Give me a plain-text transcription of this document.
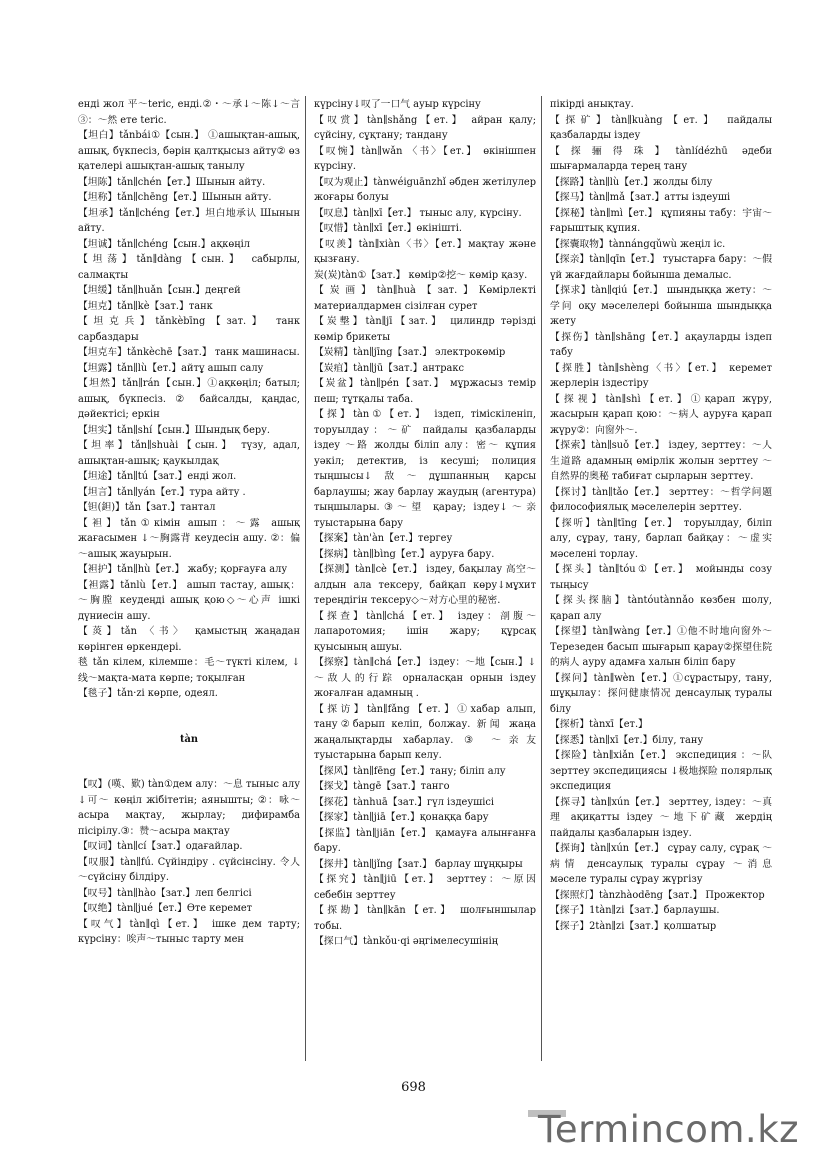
енді жол 平～teric, енді.②・～承↓～陈↓～言③：～然 ете teric.

【坦白】tǎnbái①【сын.】 ①ашықтан-ашық, ашық, бүкпесіз, бәрін қалтқысыз айту② өз қателері ашықтан-ашық танылу

【坦陈】tǎn∥chén【ет.】Шынын айту.

【坦称】tǎn∥chēng【ет.】Шынын айту.

【坦承】tǎn∥chéng【ет.】坦白地承认 Шынын айту.

【坦诚】tǎn∥chéng【сын.】ақкөңіл

【坦荡】tǎn∥dàng【сын.】 сабырлы, салмақты

【坦缓】tǎn∥huǎn【сын.】деңгей

【坦克】tǎn∥kè【зат.】танк

【坦克兵】tǎnkèbīng【зат.】 танк сарбаздары

【坦克车】tǎnkèchē【зат.】 танк машинасы.

【坦露】tǎn∥lù【ет.】айтұ ашып салу

【坦然】tǎn∥rán【сын.】①ақкөңіл; батыл; ашық, бүкпесіз. ② байсалды, қаңдас, дәйектісі; еркін

【坦实】tǎn∥shí【сын.】Шындық беру.

【坦率】tǎn∥shuài【сын.】 түзу, адал, ашықтан-ашық; қаукылдақ

【坦途】tǎn∥tú【зат.】енді жол.

【坦言】tǎn∥yán【ет.】тура айту .

【钽(鉭)】tǎn【зат.】тантал

【袒】tǎn①кімін ашып：～露 ашық жағасымен ↓～胸露背 кеудесін ашу. ②：偏～ашық жауырын.

【袒护】tǎn∥hù【ет.】 жабу; қорғауға алу

【袒露】tǎnlù【ет.】 ашып тастау, ашық：～胸膛 кеудеңді ашық қою◇～心声 ішкі дүниесін ашу.

【菼】tǎn 〈书〉 қамыстың жаңадан көрінген өркендері.

毯 tǎn кілем, кілемше：毛～түкті кілем, ↓线～мақта-мата көрпе; тоқылған

【毯子】tǎn·zi көрпе, одеял.

tàn

【叹】(嘆、歎) tàn①дем алу：～息 тыныс алу ↓可～ көңіл жібітетін; аянышты; ②：咏～асыра мақтау, жырлау; дифирамба пісірілу.③：赞～асыра мақтау

【叹词】tàn∥cí【зат.】одағайлар.

【叹服】tàn∥fú. Сүйіндіру . сүйсінсіну. 令人～сүйсіну білдіру.

【叹号】tàn∥hào【зат.】леп белгісі

【叹绝】tàn∥jué【ет.】Өте керемет

【叹气】tàn∥qì【ет.】 ішке дем тарту; күрсіну：唉声～тыныс тарту мен

күрсіну↓叹了一口气 ауыр күрсіну

【叹赏】tàn∥shǎng【ет.】 айран қалу; сүйсіну, сұқтану; тандану

【叹惋】tàn∥wǎn 〈书〉【ет.】 өкінішпен күрсіну.

【叹为观止】tànwéiguānzhǐ әбден жетілулер жоғары болуы

【叹息】tàn∥xī【ет.】 тыныс алу, күрсіну.

【叹惜】tàn∥xī【ет.】өкінішті.

【叹羡】tàn∥xiàn〈书〉【ет.】мақтау және қызғану.

炭(炭)tàn①【зат.】 көмір②挖～ көмір қазу.

【炭画】tàn∥huà【зат.】Көмірлекті материалдармен сізілған сурет

【炭墼】tàn∥jī【зат.】 цилиндр тәрізді көмір брикеты

【炭精】tàn∥jīng【зат.】 электрокөмір

【炭疽】tàn∥jū【зат.】антракс

【炭盆】tàn∥pén【зат.】 мұржасыз темір пеш; тұтқалы таба.

【探】tàn①【ет.】 іздеп, тіміскіленіп, торуылдау：～矿 пайдалы қазбаларды іздеу ～路 жолды біліп алу：密～ құпия уәкіл; детектив, із кесуші; полиция тыңшысы↓敌～дұшпанның қарсы барлаушы; жау барлау жаудың (агентура) тыңшылары.③～望 қарау; іздеу↓～亲 туыстарына бару

【探案】tàn'àn【ет.】тергеу

【探病】tàn∥bìng【ет.】ауруға бару.

【探测】tàn∥cè【ет.】 іздеу, бақылау 高空～алдын ала тексеру, байқап көру↓мұхит тереңдігін тексеру◇～对方心里的秘密.

【探查】tàn∥chá【ет.】 іздеу：剖腹～ лапаротомия; ішін жару; құрсақ қуысының ашуы.

【探察】tàn∥chá【ет.】 іздеу：～地【сын.】↓～敌人的行踪 орналасқан орнын іздеу жоғалған адамның .

【探访】tàn∥fǎng【ет.】①хабар алып, тану②барып келіп, болжау. 新闻 жаңа жаңалықтарды хабарлау. ③ ～亲友 туыстарына барып келу.

【探风】tàn∥fēng【ет.】тану; біліп алу

【探戈】tàngē【зат.】танго

【探花】tànhuā【зат.】гүл іздеушісі

【探家】tàn∥jiā【ет.】қонаққа бару

【探监】tàn∥jiān【ет.】 қамауға алынғанға бару.

【探井】tàn∥jǐng【зат.】 барлау шұңқыры

【探究】tàn∥jiū【ет.】 зерттеу：～原因 себебін зерттеу

【探勘】tàn∥kān【ет.】 шолғыншылар тобы.

【探口气】tànkǒu·qi әңгімелесушінің

пікірді анықтау.

【探矿】tàn∥kuàng【ет.】 пайдалы қазбаларды іздеу

【探骊得珠】tànlídézhū әдеби шығармаларда терең тану

【探路】tàn∥lù【ет.】жолды білу

【探马】tàn∥mǎ【зат.】атты іздеуші

【探秘】tàn∥mì【ет.】 құпияны табу：宇宙～ғарыштық құпия.

【探囊取物】tànnángqǔwù жеңіл іс.

【探亲】tàn∥qīn【ет.】 туыстарға бару：～假 үй жағдайлары бойынша демалыс.

【探求】tàn∥qiú【ет.】 шындыққа жету：～学问 оқу мәселелері бойынша шындыққа жету

【探伤】tàn∥shāng【ет.】ақауларды іздеп табу

【探胜】tàn∥shèng〈书〉【ет.】 керемет жерлерін іздестіру

【探视】tàn∥shì【ет.】①қарап жүру, жасырын қарап қою：～病人 ауруға қарап жүру②：向窗外～.

【探索】tàn∥suǒ【ет.】 іздеу, зерттеу：～人生道路 адамның өмірлік жолын зерттеу ～自然界的奥秘 табиғат сырларын зерттеу.

【探讨】tàn∥tǎo【ет.】 зерттеу：～哲学问题 философиялық мәселелерін зерттеу.

【探听】tàn∥tīng【ет.】 торуылдау, біліп алу, сұрау, тану, барлап байқау：～虚实 мәселені торлау.

【探头】tàn∥tóu①【ет.】 мойынды созу тыңысу

【探头探脑】tàntóutànnǎo көзбен шолу, қарап алу

【探望】tàn∥wàng【ет.】①他不时地向窗外～Терезеден басып шығарып қарау②探望住院的病人 ауру адамға халын біліп бару

【探问】tàn∥wèn【ет.】①сұрастыру, тану, шұқылау：探问健康情况 денсаулық туралы білу

【探析】tànxī【ет.】

【探悉】tàn∥xī【ет.】білу, тану

【探险】tàn∥xiǎn【ет.】 экспедиция ：～队 зерттеу экспедициясы ↓极地探险 полярлық экспедиция

【探寻】tàn∥xún【ет.】 зерттеу, іздеу：～真理 ақиқатты іздеу ～地下矿藏 жердің пайдалы қазбаларын іздеу.

【探询】tàn∥xún【ет.】 сұрау салу, сұрақ ～病情 денсаулық туралы сұрау ～消息 мәселе туралы сұрау жүргізу

【探照灯】tànzhàodēng【зат.】 Прожектор

【探子】1tàn∥zi【зат.】барлаушы.

【探子】2tàn∥zi【зат.】қолшатыр

698
Termincom.kz
